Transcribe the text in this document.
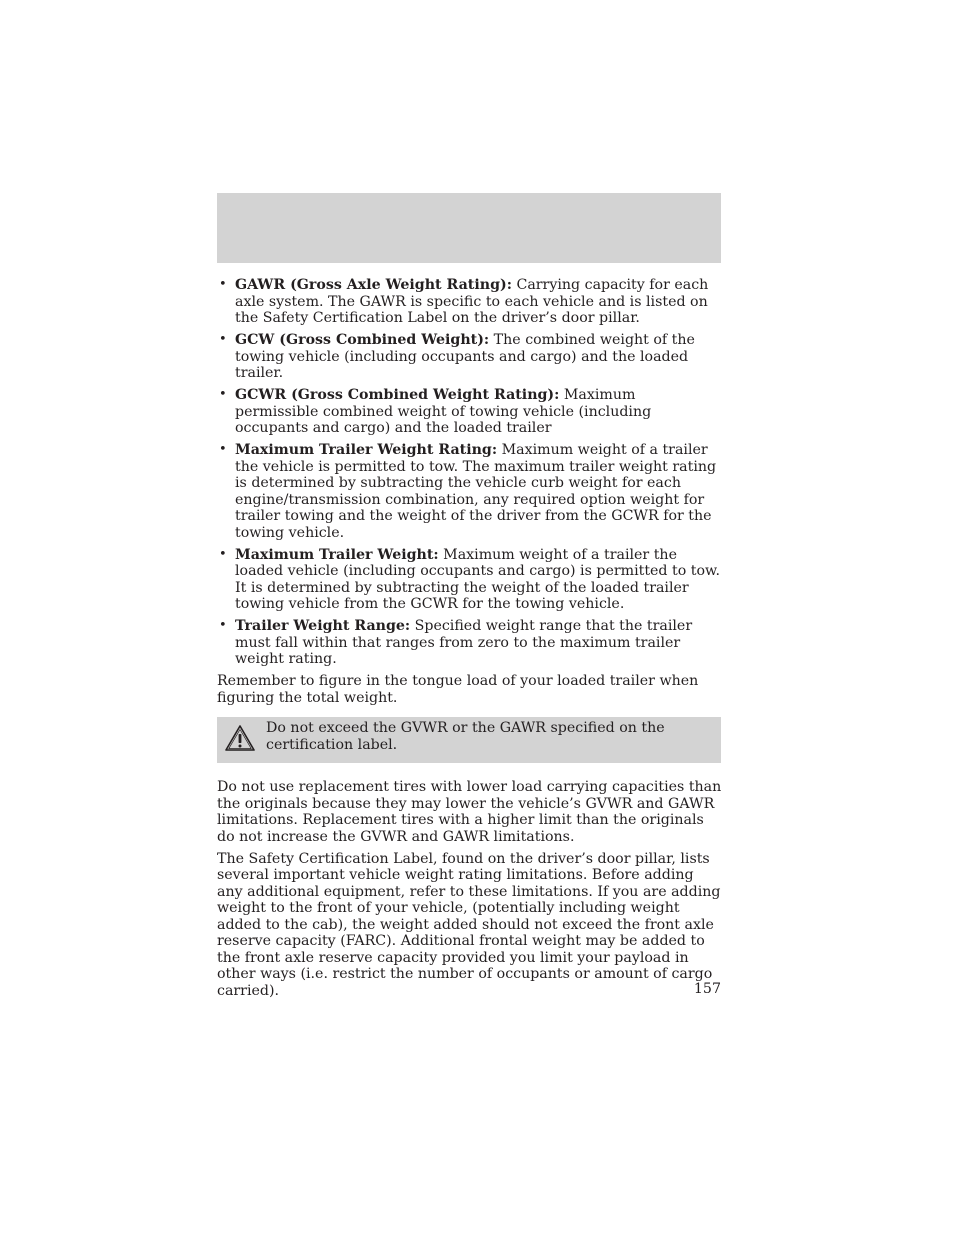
• GAWR (Gross Axle Weight Rating): Carrying capacity for each axle system. The GAWR is specific to each vehicle and is listed on the Safety Certification Label on the driver’s door pillar.
• GCW (Gross Combined Weight): The combined weight of the towing vehicle (including occupants and cargo) and the loaded trailer.
• GCWR (Gross Combined Weight Rating): Maximum permissible combined weight of towing vehicle (including occupants and cargo) and the loaded trailer
• Maximum Trailer Weight Rating: Maximum weight of a trailer the vehicle is permitted to tow. The maximum trailer weight rating is determined by subtracting the vehicle curb weight for each engine/transmission combination, any required option weight for trailer towing and the weight of the driver from the GCWR for the towing vehicle.
• Maximum Trailer Weight: Maximum weight of a trailer the loaded vehicle (including occupants and cargo) is permitted to tow. It is determined by subtracting the weight of the loaded trailer towing vehicle from the GCWR for the towing vehicle.
• Trailer Weight Range: Specified weight range that the trailer must fall within that ranges from zero to the maximum trailer weight rating.

Remember to figure in the tongue load of your loaded trailer when figuring the total weight.

Do not exceed the GVWR or the GAWR specified on the certification label.

Do not use replacement tires with lower load carrying capacities than the originals because they may lower the vehicle’s GVWR and GAWR limitations. Replacement tires with a higher limit than the originals do not increase the GVWR and GAWR limitations.

The Safety Certification Label, found on the driver’s door pillar, lists several important vehicle weight rating limitations. Before adding any additional equipment, refer to these limitations. If you are adding weight to the front of your vehicle, (potentially including weight added to the cab), the weight added should not exceed the front axle reserve capacity (FARC). Additional frontal weight may be added to the front axle reserve capacity provided you limit your payload in other ways (i.e. restrict the number of occupants or amount of cargo carried).	157
